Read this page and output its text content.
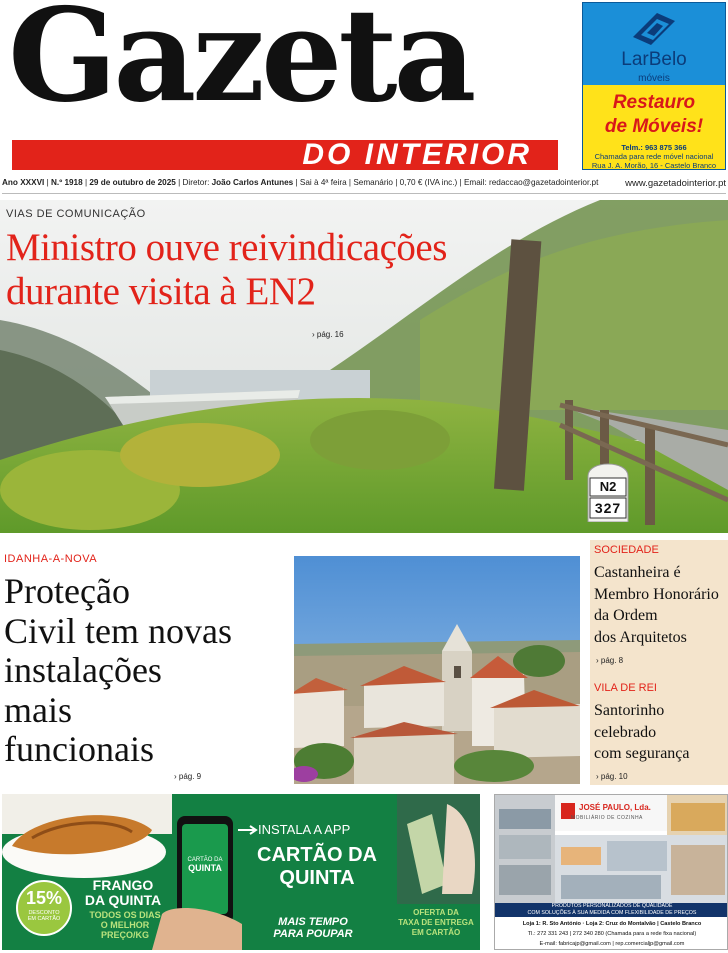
Gazeta
DO INTERIOR
LarBelo
móveis
Restauro
de Móveis!
Telm.: 963 875 366
Chamada para rede móvel nacional
Rua J. A. Morão, 16 - Castelo Branco
Ano XXXVI | N.º 1918 | 29 de outubro de 2025 | Diretor: João Carlos Antunes | Sai à 4ª feira | Semanário | 0,70 € (IVA inc.) | Email: redaccao@gazetadointerior.pt	www.gazetadointerior.pt
VIAS DE COMUNICAÇÃO
Ministro ouve reivindicações
durante visita à EN2
› pág. 16
N2
327
IDANHA-A-NOVA
Proteção
Civil tem novas
instalações
mais
funcionais
› pág. 9
SOCIEDADE
Castanheira é
Membro Honorário
da Ordem
dos Arquitetos
› pág. 8
VILA DE REI
Santorinho
celebrado
com segurança
› pág. 10
15%
DESCONTO
EM CARTÃO
FRANGO
DA QUINTA
TODOS OS DIAS
O MELHOR
PREÇO/KG
CARTÃO DA
QUINTA
INSTALA A APP
CARTÃO DA
QUINTA
MAIS TEMPO
PARA POUPAR
OFERTA DA
TAXA DE ENTREGA
EM CARTÃO
JOSÉ PAULO, Lda.
MOBILIÁRIO DE COZINHA
PRODUTOS PERSONALIZADOS DE QUALIDADE
COM SOLUÇÕES À SUA MEDIDA COM FLEXIBILIDADE DE PREÇOS
Loja 1: R. Sto António · Loja 2: Cruz do Montalvão | Castelo Branco
Tl.: 272 331 243 | 272 340 280 (Chamada para a rede fixa nacional)
E-mail: fabricajp@gmail.com | rep.comercialjp@gmail.com
